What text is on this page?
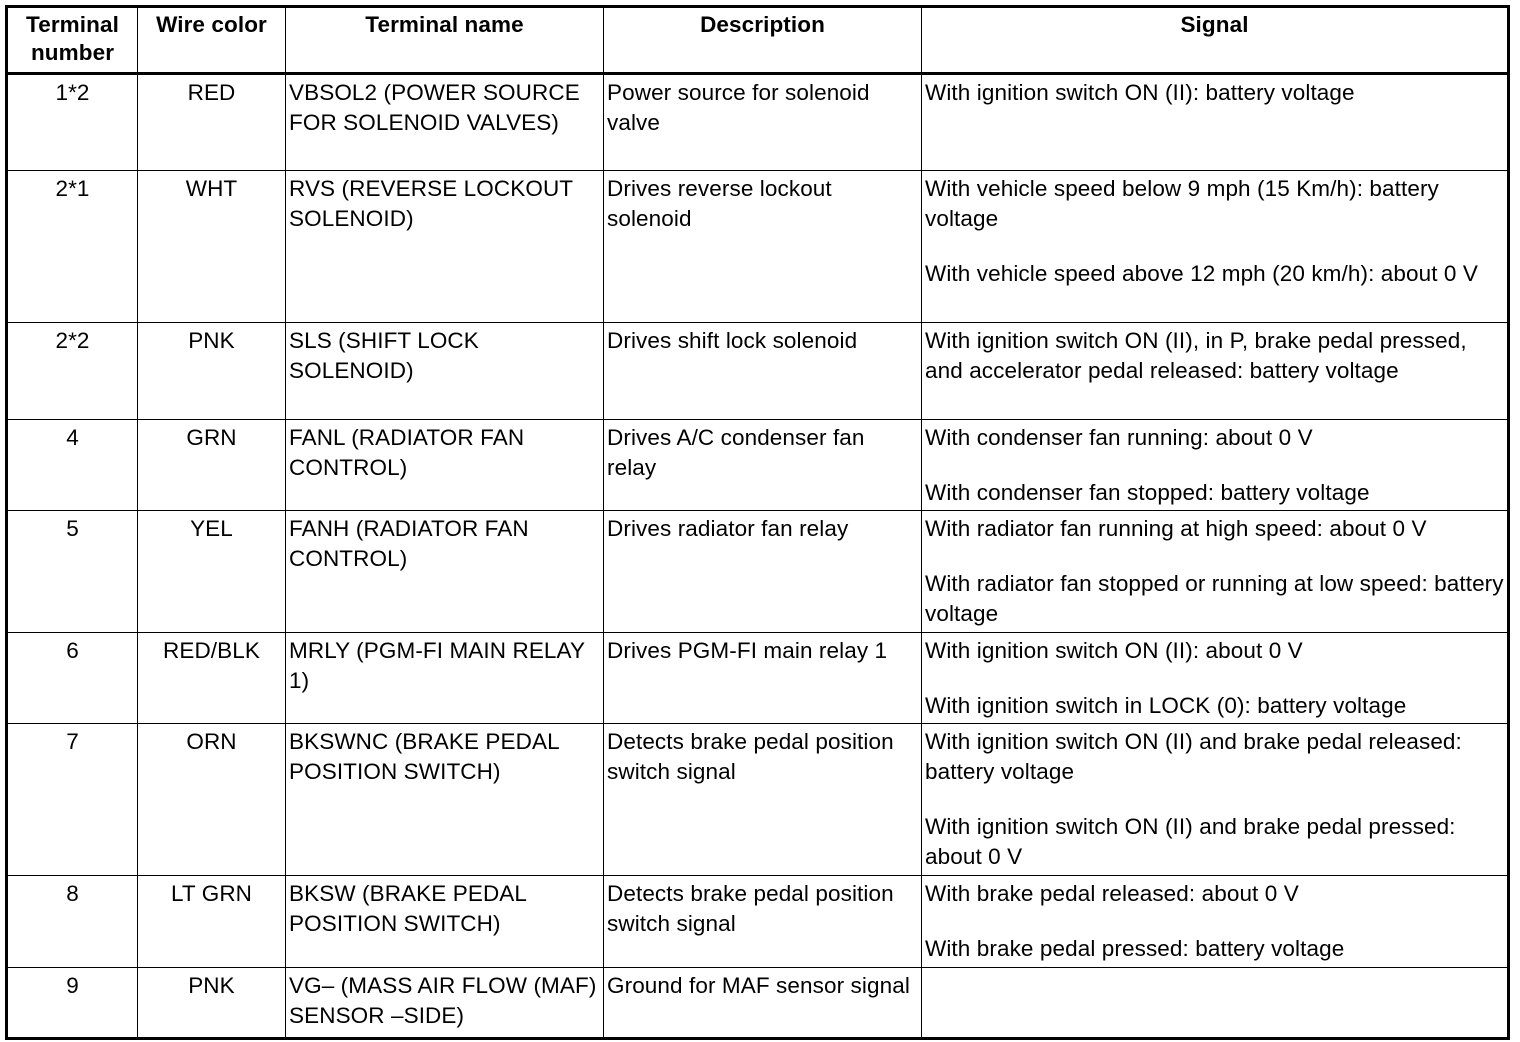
Terminal number	Wire color	Terminal name	Description	Signal
1*2	RED	VBSOL2 (POWER SOURCE FOR SOLENOID VALVES)	Power source for solenoid valve	With ignition switch ON (II): battery voltage

2*1	WHT	RVS (REVERSE LOCKOUT SOLENOID)	Drives reverse lockout solenoid	With vehicle speed below 9 mph (15 Km/h): battery voltage
With vehicle speed above 12 mph (20 km/h): about 0 V

2*2	PNK	SLS (SHIFT LOCK SOLENOID)	Drives shift lock solenoid	With ignition switch ON (II), in P, brake pedal pressed, and accelerator pedal released: battery voltage

4	GRN	FANL (RADIATOR FAN CONTROL)	Drives A/C condenser fan relay	With condenser fan running: about 0 V
With condenser fan stopped: battery voltage

5	YEL	FANH (RADIATOR FAN CONTROL)	Drives radiator fan relay	With radiator fan running at high speed: about 0 V
With radiator fan stopped or running at low speed: battery voltage

6	RED/BLK	MRLY (PGM-FI MAIN RELAY 1)	Drives PGM-FI main relay 1	With ignition switch ON (II): about 0 V
With ignition switch in LOCK (0): battery voltage

7	ORN	BKSWNC (BRAKE PEDAL POSITION SWITCH)	Detects brake pedal position switch signal	With ignition switch ON (II) and brake pedal released: battery voltage
With ignition switch ON (II) and brake pedal pressed: about 0 V

8	LT GRN	BKSW (BRAKE PEDAL POSITION SWITCH)	Detects brake pedal position switch signal	With brake pedal released: about 0 V
With brake pedal pressed: battery voltage

9	PNK	VG– (MASS AIR FLOW (MAF) SENSOR –SIDE)	Ground for MAF sensor signal	
